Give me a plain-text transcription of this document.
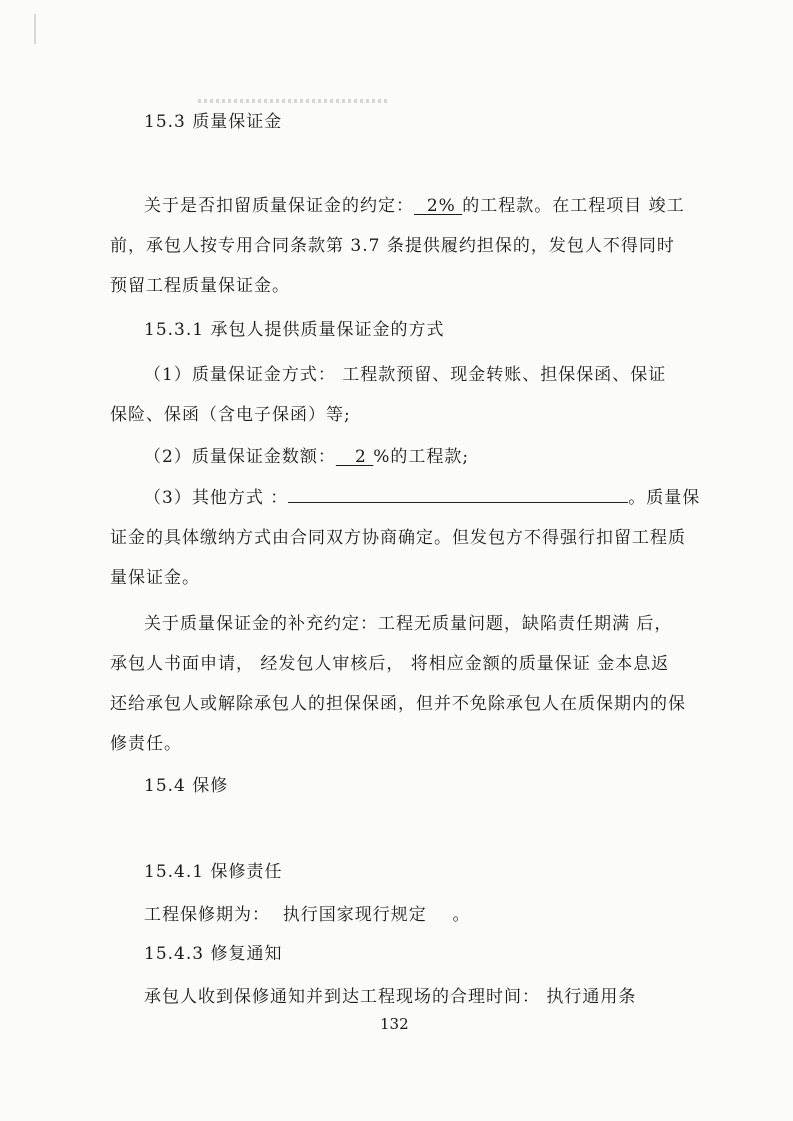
15.3 质量保证金
关于是否扣留质量保证金的约定： 2% 的工程款。在工程项目 竣工
前，承包人按专用合同条款第 3.7 条提供履约担保的，发包人不得同时
预留工程质量保证金。
15.3.1 承包人提供质量保证金的方式
（1）质量保证金方式： 工程款预留、现金转账、担保保函、保证
保险、保函（含电子保函）等;
（2）质量保证金数额： 2 %的工程款;
（3）其他方式 ：	。质量保
证金的具体缴纳方式由合同双方协商确定。但发包方不得强行扣留工程质
量保证金。
关于质量保证金的补充约定：工程无质量问题，缺陷责任期满 后，
承包人书面申请， 经发包人审核后， 将相应金额的质量保证 金本息返
还给承包人或解除承包人的担保保函，但并不免除承包人在质保期内的保
修责任。
15.4 保修
15.4.1 保修责任
工程保修期为： 执行国家现行规定 。
15.4.3 修复通知
承包人收到保修通知并到达工程现场的合理时间： 执行通用条
132
